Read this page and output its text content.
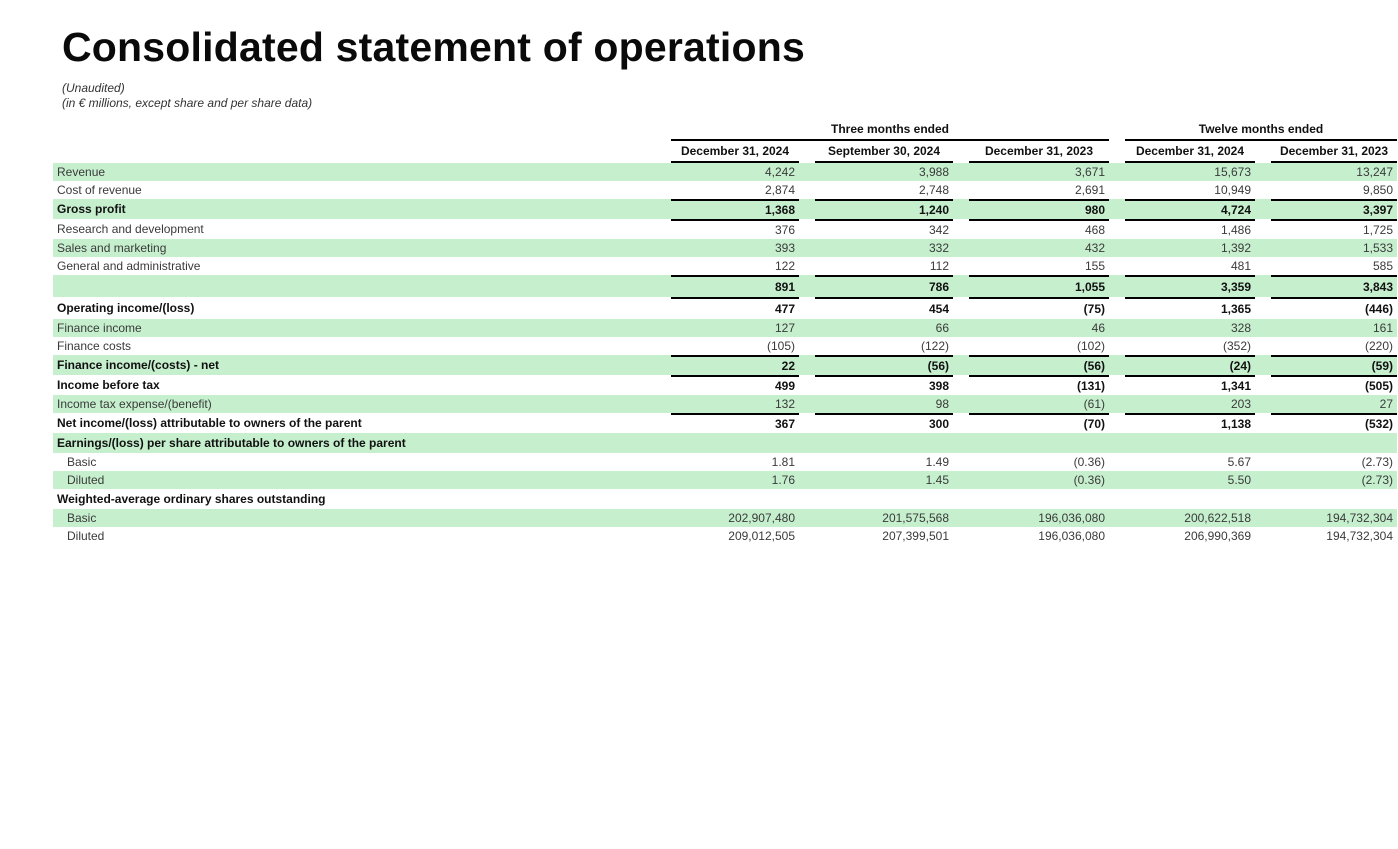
Consolidated statement of operations
(Unaudited)
(in € millions, except share and per share data)
		Three months ended						Twelve months ended		
		December 31, 2024		September 30, 2024		December 31, 2023		December 31, 2024		December 31, 2023
Revenue		4,242		3,988		3,671		15,673		13,247
Cost of revenue		2,874		2,748		2,691		10,949		9,850
Gross profit		1,368		1,240		980		4,724		3,397
Research and development		376		342		468		1,486		1,725
Sales and marketing		393		332		432		1,392		1,533
General and administrative		122		112		155		481		585
		891		786		1,055		3,359		3,843
Operating income/(loss)		477		454		(75)		1,365		(446)
Finance income		127		66		46		328		161
Finance costs		(105)		(122)		(102)		(352)		(220)
Finance income/(costs) - net		22		(56)		(56)		(24)		(59)
Income before tax		499		398		(131)		1,341		(505)
Income tax expense/(benefit)		132		98		(61)		203		27
Net income/(loss) attributable to owners of the parent		367		300		(70)		1,138		(532)
Earnings/(loss) per share attributable to owners of the parent										
Basic		1.81		1.49		(0.36)		5.67		(2.73)
Diluted		1.76		1.45		(0.36)		5.50		(2.73)
Weighted-average ordinary shares outstanding										
Basic		202,907,480		201,575,568		196,036,080		200,622,518		194,732,304
Diluted		209,012,505		207,399,501		196,036,080		206,990,369		194,732,304
